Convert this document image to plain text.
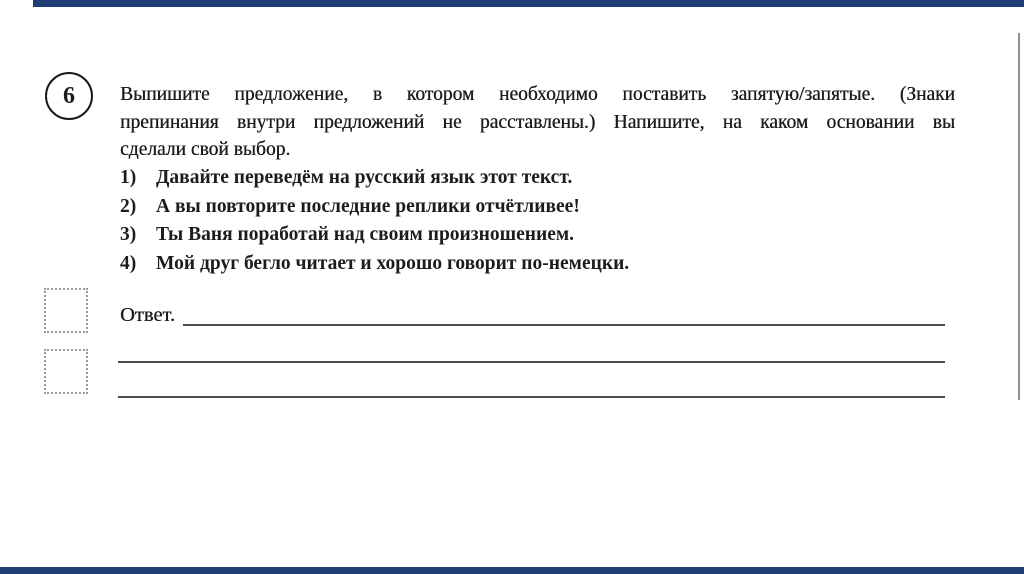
6 Выпишите предложение, в котором необходимо поставить запятую/запятые. (Знаки
препинания внутри предложений не расставлены.) Напишите, на каком основании вы
сделали свой выбор.
1)	Давайте переведём на русский язык этот текст.
2)	А вы повторите последние реплики отчётливее!
3)	Ты Ваня поработай над своим произношением.
4)	Мой друг бегло читает и хорошо говорит по-немецки.
Ответ.
